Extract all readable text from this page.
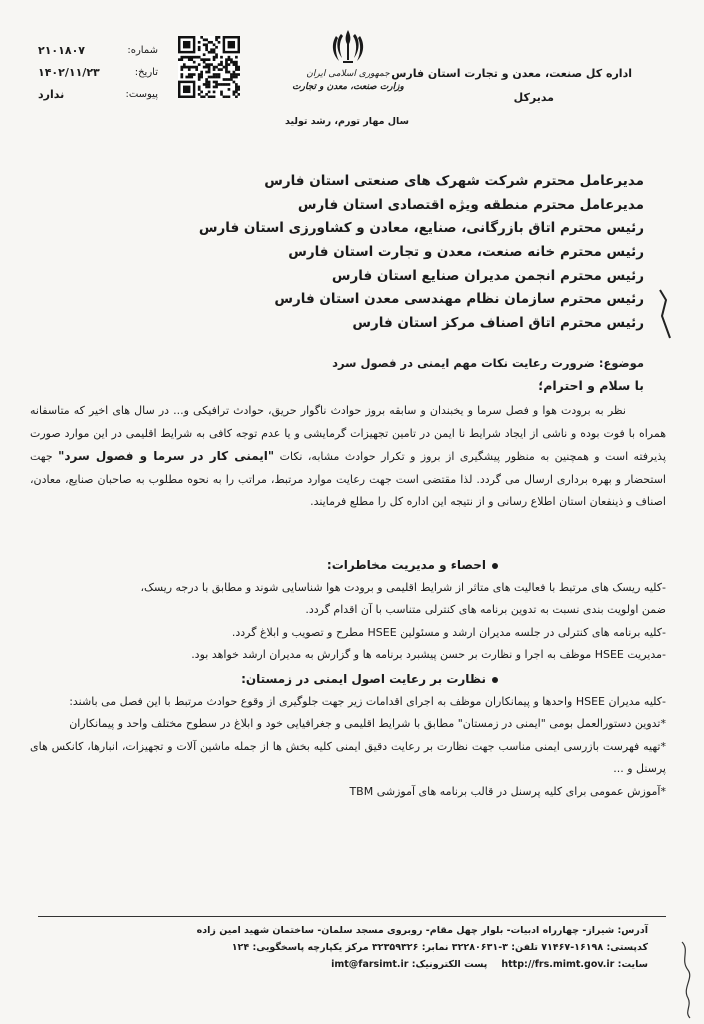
اداره کل صنعت، معدن و تجارت استان فارس
مدیرکل
جمهوری اسلامی ایران
وزارت صنعت، معدن و تجارت
سال مهار تورم، رشد تولید
شماره:
۲۱۰۱۸۰۷
تاریخ:
۱۴۰۲/۱۱/۲۳
پیوست:
ندارد
مدیرعامل محترم شرکت شهرک های صنعتی استان فارس
مدیرعامل محترم منطقه ویژه اقتصادی استان فارس
رئیس محترم اتاق بازرگانی، صنایع، معادن و کشاورزی استان فارس
رئیس محترم خانه صنعت، معدن و تجارت استان فارس
رئیس محترم انجمن مدیران صنایع استان فارس
رئیس محترم سازمان نظام مهندسی معدن استان فارس
رئیس محترم اتاق اصناف مرکز استان فارس
موضوع: ضرورت رعایت نکات مهم ایمنی در فصول سرد
با سلام و احترام؛

نظر به برودت هوا و فصل سرما و یخبندان و سابقه بروز حوادث ناگوار حریق، حوادث ترافیکی و... در سال های اخیر که متاسفانه همراه با فوت بوده و ناشی از ایجاد شرایط نا ایمن در تامین تجهیزات گرمایشی و یا عدم توجه کافی به شرایط اقلیمی در این موارد صورت پذیرفته است و همچنین به منظور پیشگیری از بروز و تکرار حوادث مشابه، نکات "ایمنی کار در سرما و فصول سرد" جهت استحضار و بهره برداری ارسال می گردد. لذا مقتضی است جهت رعایت موارد مرتبط، مراتب را به نحوه مطلوب به صاحبان صنایع، معادن، اصناف و ذینفعان استان اطلاع رسانی و از نتیجه این اداره کل را مطلع فرمایند.

احصاء و مدیریت مخاطرات:
-کلیه ریسک های مرتبط با فعالیت های متاثر از شرایط اقلیمی و برودت هوا شناسایی شوند و مطابق با درجه ریسک،
ضمن اولویت بندی نسبت به تدوین برنامه های کنترلی متناسب با آن اقدام گردد.
-کلیه برنامه های کنترلی در جلسه مدیران ارشد و مسئولین HSEE مطرح و تصویب و ابلاغ گردد.
-مدیریت HSEE موظف به اجرا و نظارت بر حسن پیشبرد برنامه ها و گزارش به مدیران ارشد خواهد بود.
نظارت بر رعایت اصول ایمنی در زمستان:
-کلیه مدیران HSEE واحدها و پیمانکاران موظف به اجرای اقدامات زیر جهت جلوگیری از وقوع حوادث مرتبط با این فصل می باشند:
*تدوین دستورالعمل بومی "ایمنی در زمستان" مطابق با شرایط اقلیمی و جغرافیایی خود و ابلاغ در سطوح مختلف واحد و پیمانکاران
*تهیه فهرست بازرسی ایمنی مناسب جهت نظارت بر رعایت دقیق ایمنی کلیه بخش ها از جمله ماشین آلات و تجهیزات، انبارها، کانکس های پرسنل و ...
*آموزش عمومی برای کلیه پرسنل در قالب برنامه های آموزشی TBM
آدرس: شیراز- چهارراه ادبیات- بلوار چهل مقام- روبروی مسجد سلمان- ساختمان شهید امین زاده
کدپستی: ۱۶۱۹۸-۷۱۴۶۷ تلفن: ۳-۳۲۲۸۰۶۳۱ نمابر: ۳۲۳۵۹۳۲۶ مرکز یکپارچه پاسخگویی: ۱۲۴
سایت: http://frs.mimt.gov.ir
پست الکترونیک: imt@farsimt.ir
